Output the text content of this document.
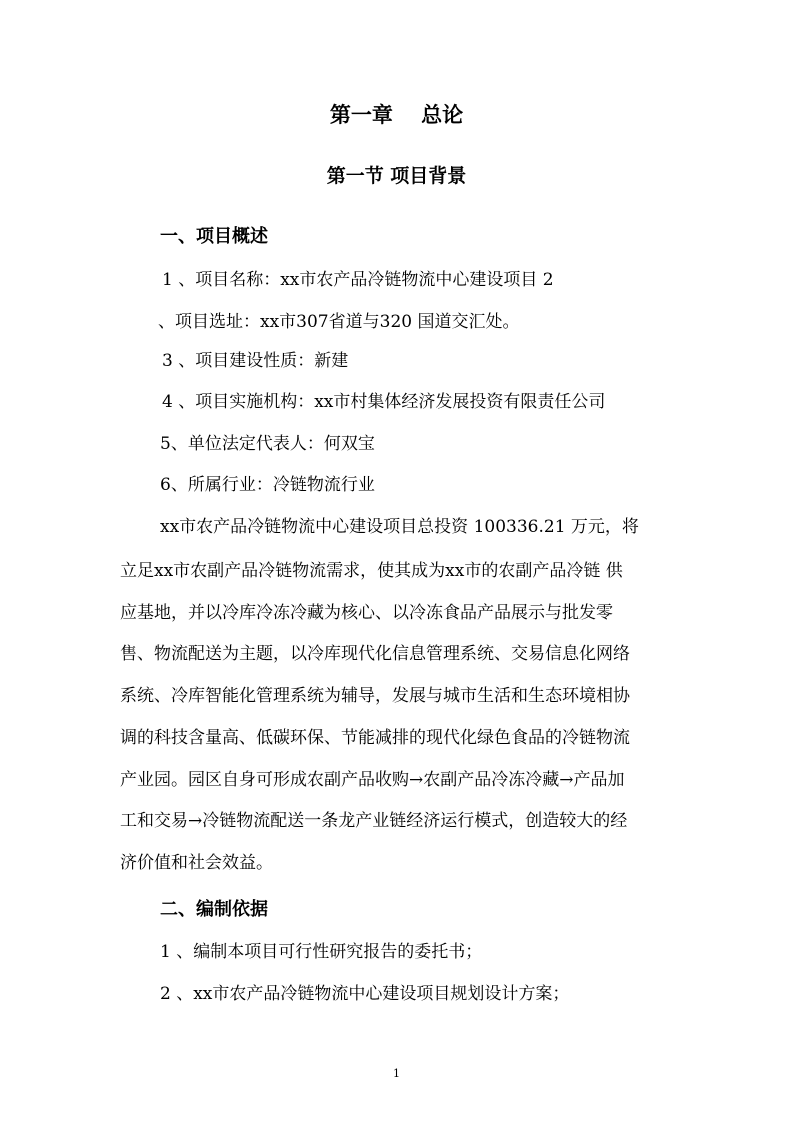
第一章　 总论
第一节 项目背景
一、项目概述
1 、项目名称：xx市农产品冷链物流中心建设项目 2
、项目选址：xx市307省道与320 国道交汇处。
3 、项目建设性质：新建
4 、项目实施机构：xx市村集体经济发展投资有限责任公司
5、单位法定代表人：何双宝
6、所属行业：冷链物流行业
xx市农产品冷链物流中心建设项目总投资 100336.21 万元，将
立足xx市农副产品冷链物流需求，使其成为xx市的农副产品冷链 供
应基地，并以冷库冷冻冷藏为核心、以冷冻食品产品展示与批发零
售、物流配送为主题，以冷库现代化信息管理系统、交易信息化网络
系统、冷库智能化管理系统为辅导，发展与城市生活和生态环境相协
调的科技含量高、低碳环保、节能减排的现代化绿色食品的冷链物流
产业园。园区自身可形成农副产品收购→农副产品冷冻冷藏→产品加
工和交易→冷链物流配送一条龙产业链经济运行模式，创造较大的经
济价值和社会效益。
二、编制依据
1 、编制本项目可行性研究报告的委托书；
2 、xx市农产品冷链物流中心建设项目规划设计方案；
1
